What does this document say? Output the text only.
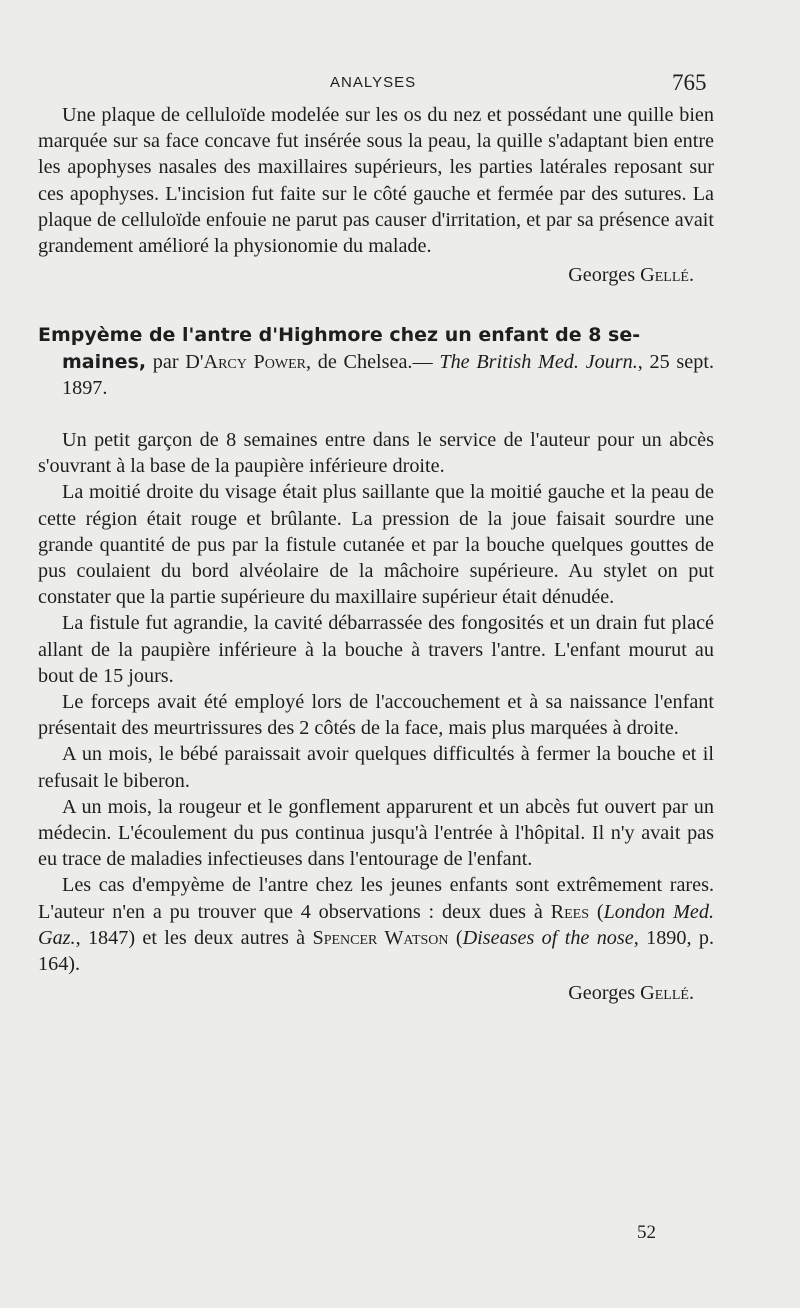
ANALYSES	765

Une plaque de celluloïde modelée sur les os du nez et possédant une quille bien marquée sur sa face concave fut insérée sous la peau, la quille s'adaptant bien entre les apophyses nasales des maxillaires supérieurs, les parties latérales reposant sur ces apophyses. L'incision fut faite sur le côté gauche et fermée par des sutures. La plaque de celluloïde enfouie ne parut pas causer d'irritation, et par sa présence avait grandement amélioré la physionomie du malade.

Georges Gellé.

Empyème de l'antre d'Highmore chez un enfant de 8 se-
maines, par D'Arcy Power, de Chelsea.— The British Med. Journ., 25 sept. 1897.

Un petit garçon de 8 semaines entre dans le service de l'auteur pour un abcès s'ouvrant à la base de la paupière inférieure droite.

La moitié droite du visage était plus saillante que la moitié gauche et la peau de cette région était rouge et brûlante. La pression de la joue faisait sourdre une grande quantité de pus par la fistule cutanée et par la bouche quelques gouttes de pus coulaient du bord alvéolaire de la mâchoire supérieure. Au stylet on put constater que la partie supérieure du maxillaire supérieur était dénudée.

La fistule fut agrandie, la cavité débarrassée des fongosités et un drain fut placé allant de la paupière inférieure à la bouche à travers l'antre. L'enfant mourut au bout de 15 jours.

Le forceps avait été employé lors de l'accouchement et à sa naissance l'enfant présentait des meurtrissures des 2 côtés de la face, mais plus marquées à droite.

A un mois, le bébé paraissait avoir quelques difficultés à fermer la bouche et il refusait le biberon.

A un mois, la rougeur et le gonflement apparurent et un abcès fut ouvert par un médecin. L'écoulement du pus continua jusqu'à l'entrée à l'hôpital. Il n'y avait pas eu trace de maladies infectieuses dans l'entourage de l'enfant.

Les cas d'empyème de l'antre chez les jeunes enfants sont extrêmement rares. L'auteur n'en a pu trouver que 4 observations : deux dues à Rees (London Med. Gaz., 1847) et les deux autres à Spencer Watson (Diseases of the nose, 1890, p. 164).

Georges Gellé.

52
